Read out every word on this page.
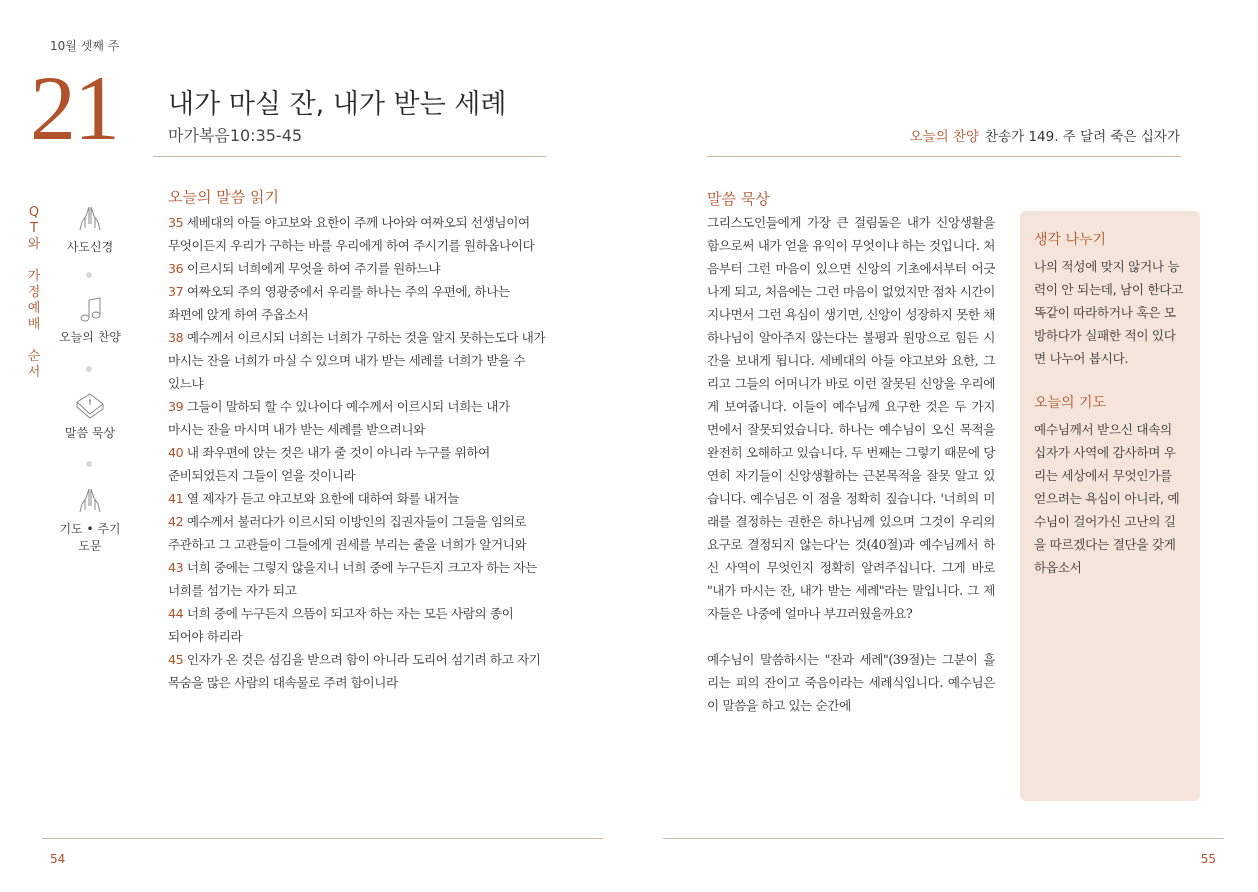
10월 셋째 주
21 내가 마실 잔, 내가 받는 세례
마가복음10:35-45	오늘의 찬양 찬송가 149. 주 달려 죽은 십자가
Q
T
와
가
정
예
배
순
서
사도신경
오늘의 찬양
말씀 묵상
기도 • 주기도문
오늘의 말씀 읽기
35 세베대의 아들 야고보와 요한이 주께 나아와 여짜오되 선생님이여 무엇이든지 우리가 구하는 바를 우리에게 하여 주시기를 원하옵나이다
36 이르시되 너희에게 무엇을 하여 주기를 원하느냐
37 여짜오되 주의 영광중에서 우리를 하나는 주의 우편에, 하나는 좌편에 앉게 하여 주옵소서
38 예수께서 이르시되 너희는 너희가 구하는 것을 알지 못하는도다 내가 마시는 잔을 너희가 마실 수 있으며 내가 받는 세례를 너희가 받을 수 있느냐
39 그들이 말하되 할 수 있나이다 예수께서 이르시되 너희는 내가 마시는 잔을 마시며 내가 받는 세례를 받으려니와
40 내 좌우편에 앉는 것은 내가 줄 것이 아니라 누구를 위하여 준비되었든지 그들이 얻을 것이니라
41 열 제자가 듣고 야고보와 요한에 대하여 화를 내거늘
42 예수께서 불러다가 이르시되 이방인의 집권자들이 그들을 임의로 주관하고 그 고관들이 그들에게 권세를 부리는 줄을 너희가 알거니와
43 너희 중에는 그렇지 않을지니 너희 중에 누구든지 크고자 하는 자는 너희를 섬기는 자가 되고
44 너희 중에 누구든지 으뜸이 되고자 하는 자는 모든 사람의 종이 되어야 하리라
45 인자가 온 것은 섬김을 받으려 함이 아니라 도리어 섬기려 하고 자기 목숨을 많은 사람의 대속물로 주려 함이니라
말씀 묵상

그리스도인들에게 가장 큰 걸림돌은 내가 신앙생활을 함으로써 내가 얻을 유익이 무엇이냐 하는 것입니다. 처음부터 그런 마음이 있으면 신앙의 기초에서부터 어긋나게 되고, 처음에는 그런 마음이 없었지만 점차 시간이 지나면서 그런 욕심이 생기면, 신앙이 성장하지 못한 채 하나님이 알아주지 않는다는 불평과 원망으로 힘든 시간을 보내게 됩니다. 세베대의 아들 야고보와 요한, 그리고 그들의 어머니가 바로 이런 잘못된 신앙을 우리에게 보여줍니다. 이들이 예수님께 요구한 것은 두 가지 면에서 잘못되었습니다. 하나는 예수님이 오신 목적을 완전히 오해하고 있습니다. 두 번째는 그렇기 때문에 당연히 자기들이 신앙생활하는 근본목적을 잘못 알고 있습니다. 예수님은 이 점을 정확히 짚습니다. '너희의 미래를 결정하는 권한은 하나님께 있으며 그것이 우리의 요구로 결정되지 않는다'는 것(40절)과 예수님께서 하신 사역이 무엇인지 정확히 알려주십니다. 그게 바로 "내가 마시는 잔, 내가 받는 세례"라는 말입니다. 그 제자들은 나중에 얼마나 부끄러웠을까요?

예수님이 말씀하시는 "잔과 세례"(39절)는 그분이 흘리는 피의 잔이고 죽음이라는 세례식입니다. 예수님은 이 말씀을 하고 있는 순간에

생각 나누기
나의 적성에 맞지 않거나 능력이 안 되는데, 남이 한다고 똑같이 따라하거나 혹은 모방하다가 실패한 적이 있다면 나누어 봅시다.
오늘의 기도
예수님께서 받으신 대속의 십자가 사역에 감사하며 우리는 세상에서 무엇인가를 얻으려는 욕심이 아니라, 예수님이 걸어가신 고난의 길을 따르겠다는 결단을 갖게 하옵소서
54	55
